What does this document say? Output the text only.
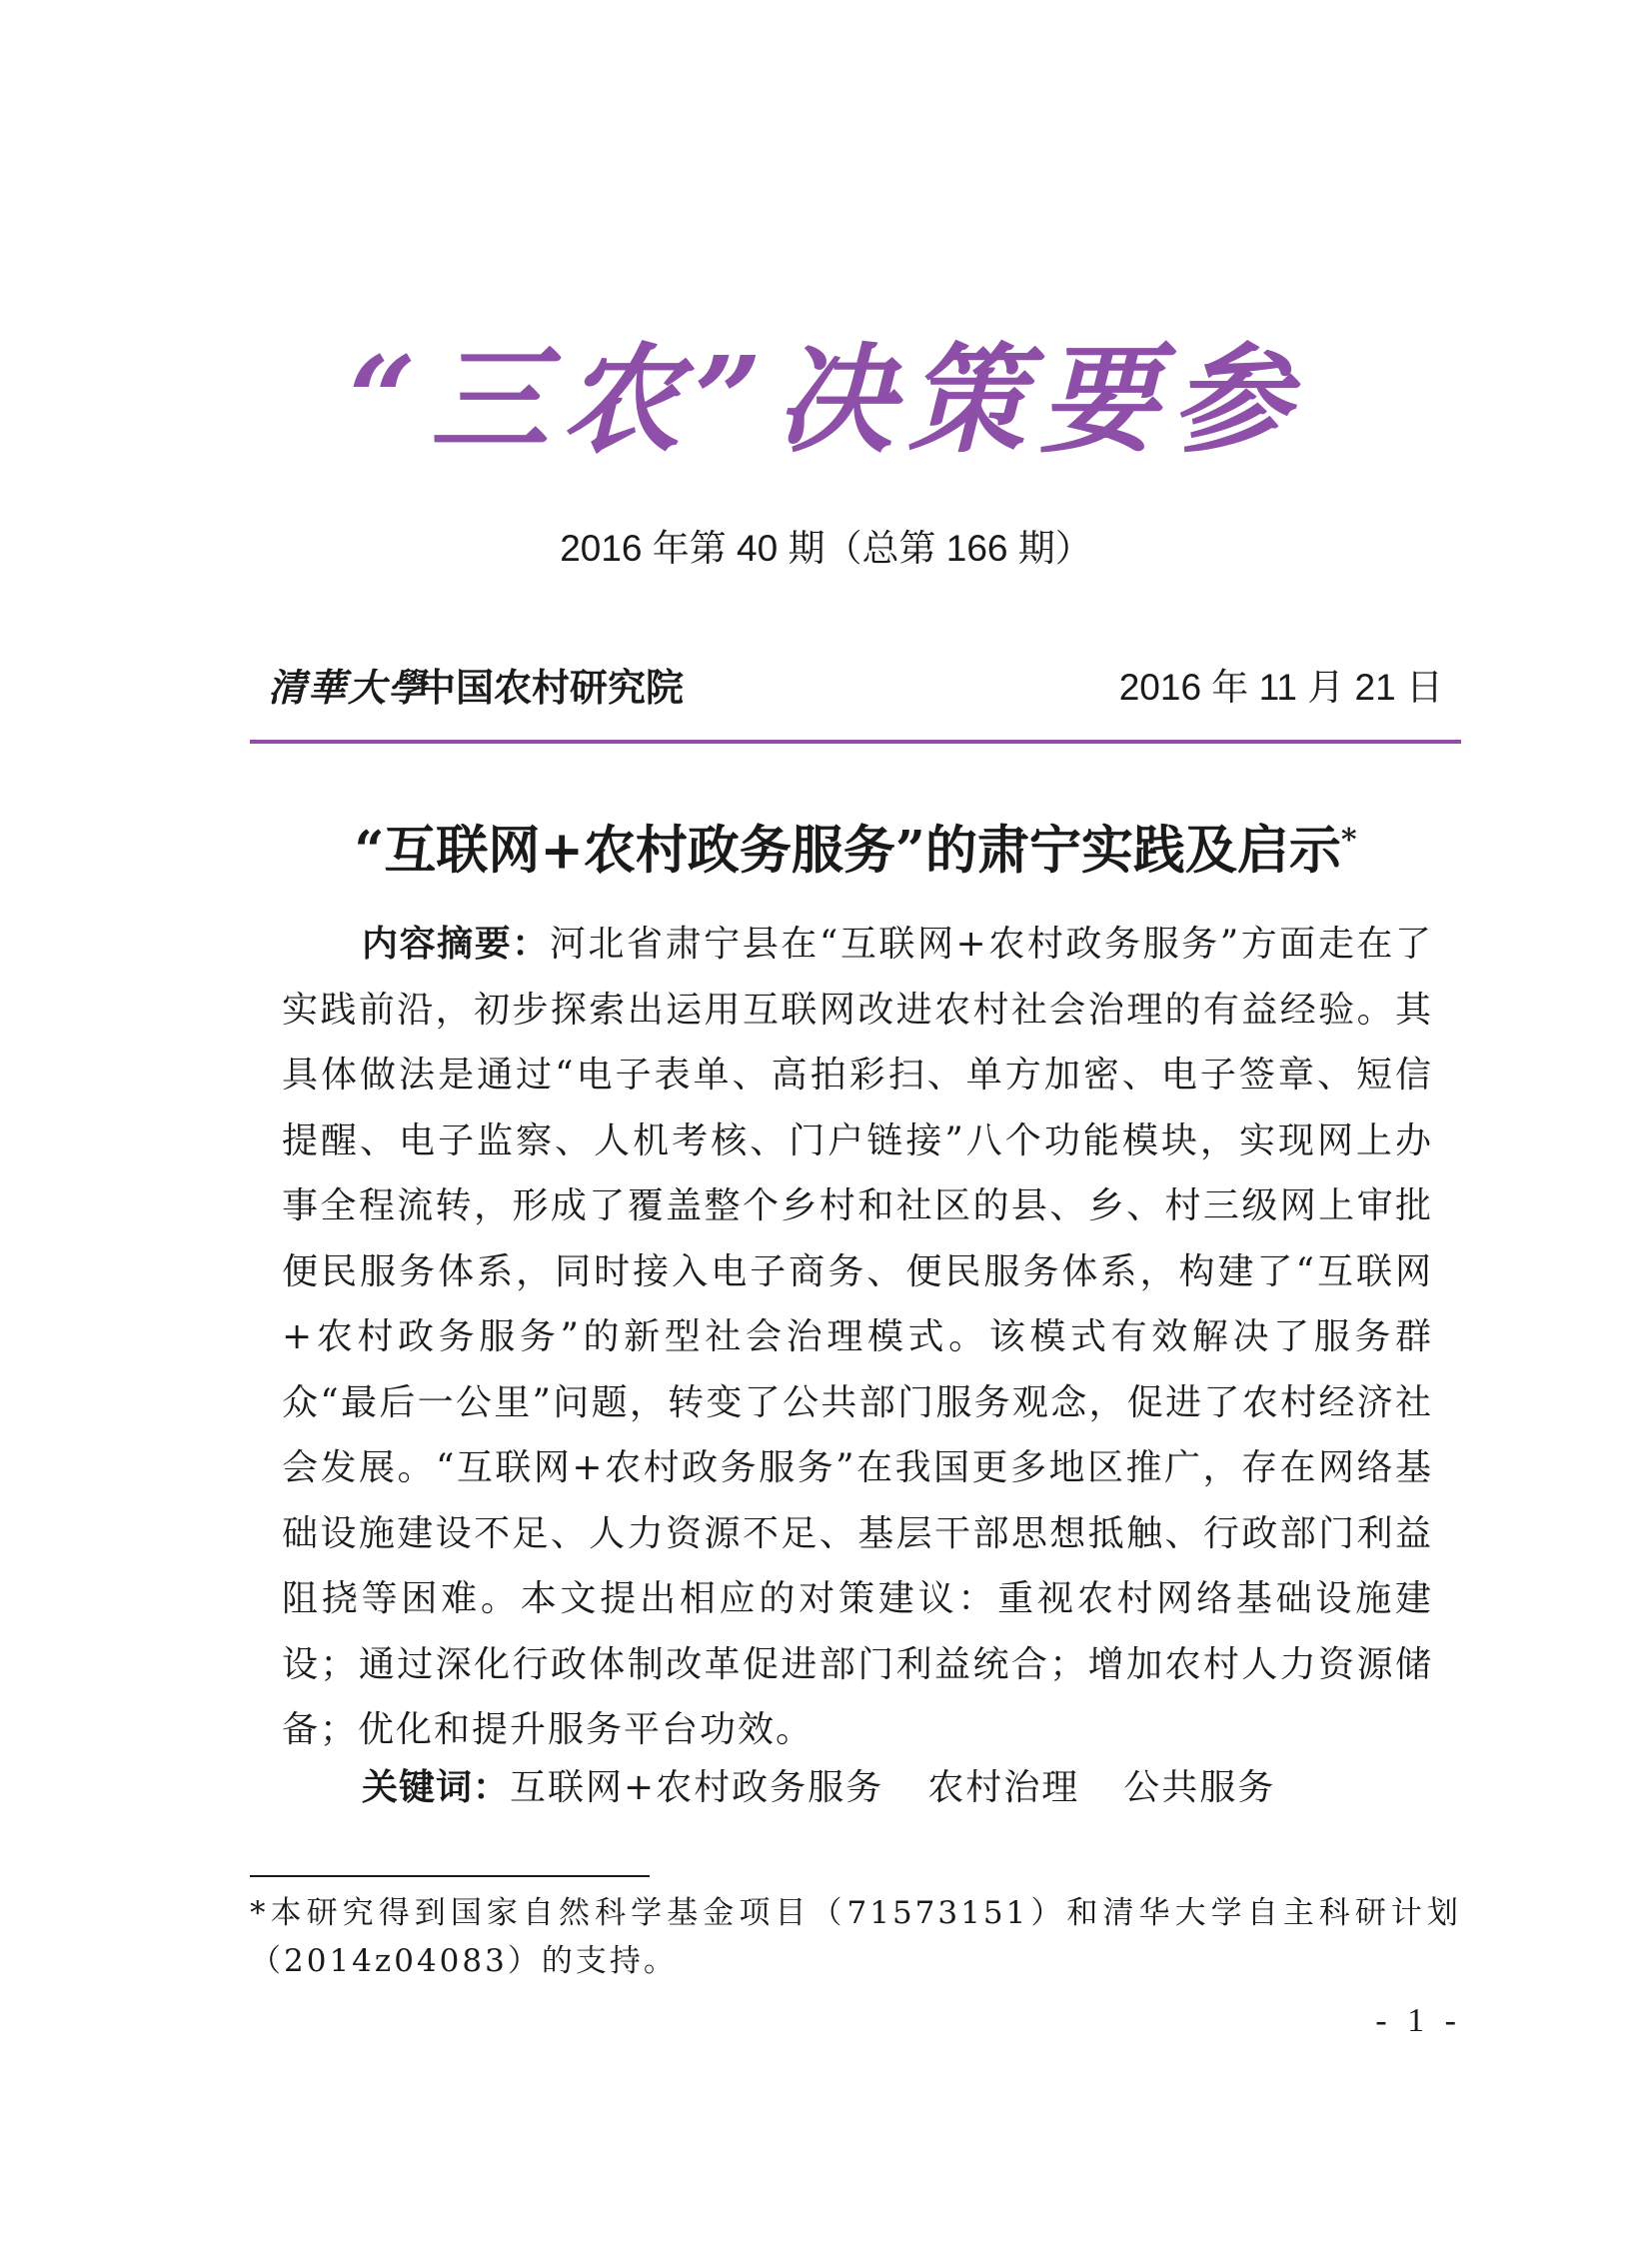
“三农”决策要参
2016 年第 40 期（总第 166 期）
清華大學
中国农村研究院	2016 年 11 月 21 日
“互联网+农村政务服务”的肃宁实践及启示*
内容摘要：河北省肃宁县在“互联网+农村政务服务”方面走在了实践前沿，初步探索出运用互联网改进农村社会治理的有益经验。其具体做法是通过“电子表单、高拍彩扫、单方加密、电子签章、短信提醒、电子监察、人机考核、门户链接”八个功能模块，实现网上办事全程流转，形成了覆盖整个乡村和社区的县、乡、村三级网上审批便民服务体系，同时接入电子商务、便民服务体系，构建了“互联网+农村政务服务”的新型社会治理模式。该模式有效解决了服务群众“最后一公里”问题，转变了公共部门服务观念，促进了农村经济社会发展。“互联网+农村政务服务”在我国更多地区推广，存在网络基础设施建设不足、人力资源不足、基层干部思想抵触、行政部门利益阻挠等困难。本文提出相应的对策建议：重视农村网络基础设施建设；通过深化行政体制改革促进部门利益统合；增加农村人力资源储备；优化和提升服务平台功效。
关键词：互联网+农村政务服务 农村治理 公共服务
*本研究得到国家自然科学基金项目（71573151）和清华大学自主科研计划（2014z04083）的支持。
- 1 -
